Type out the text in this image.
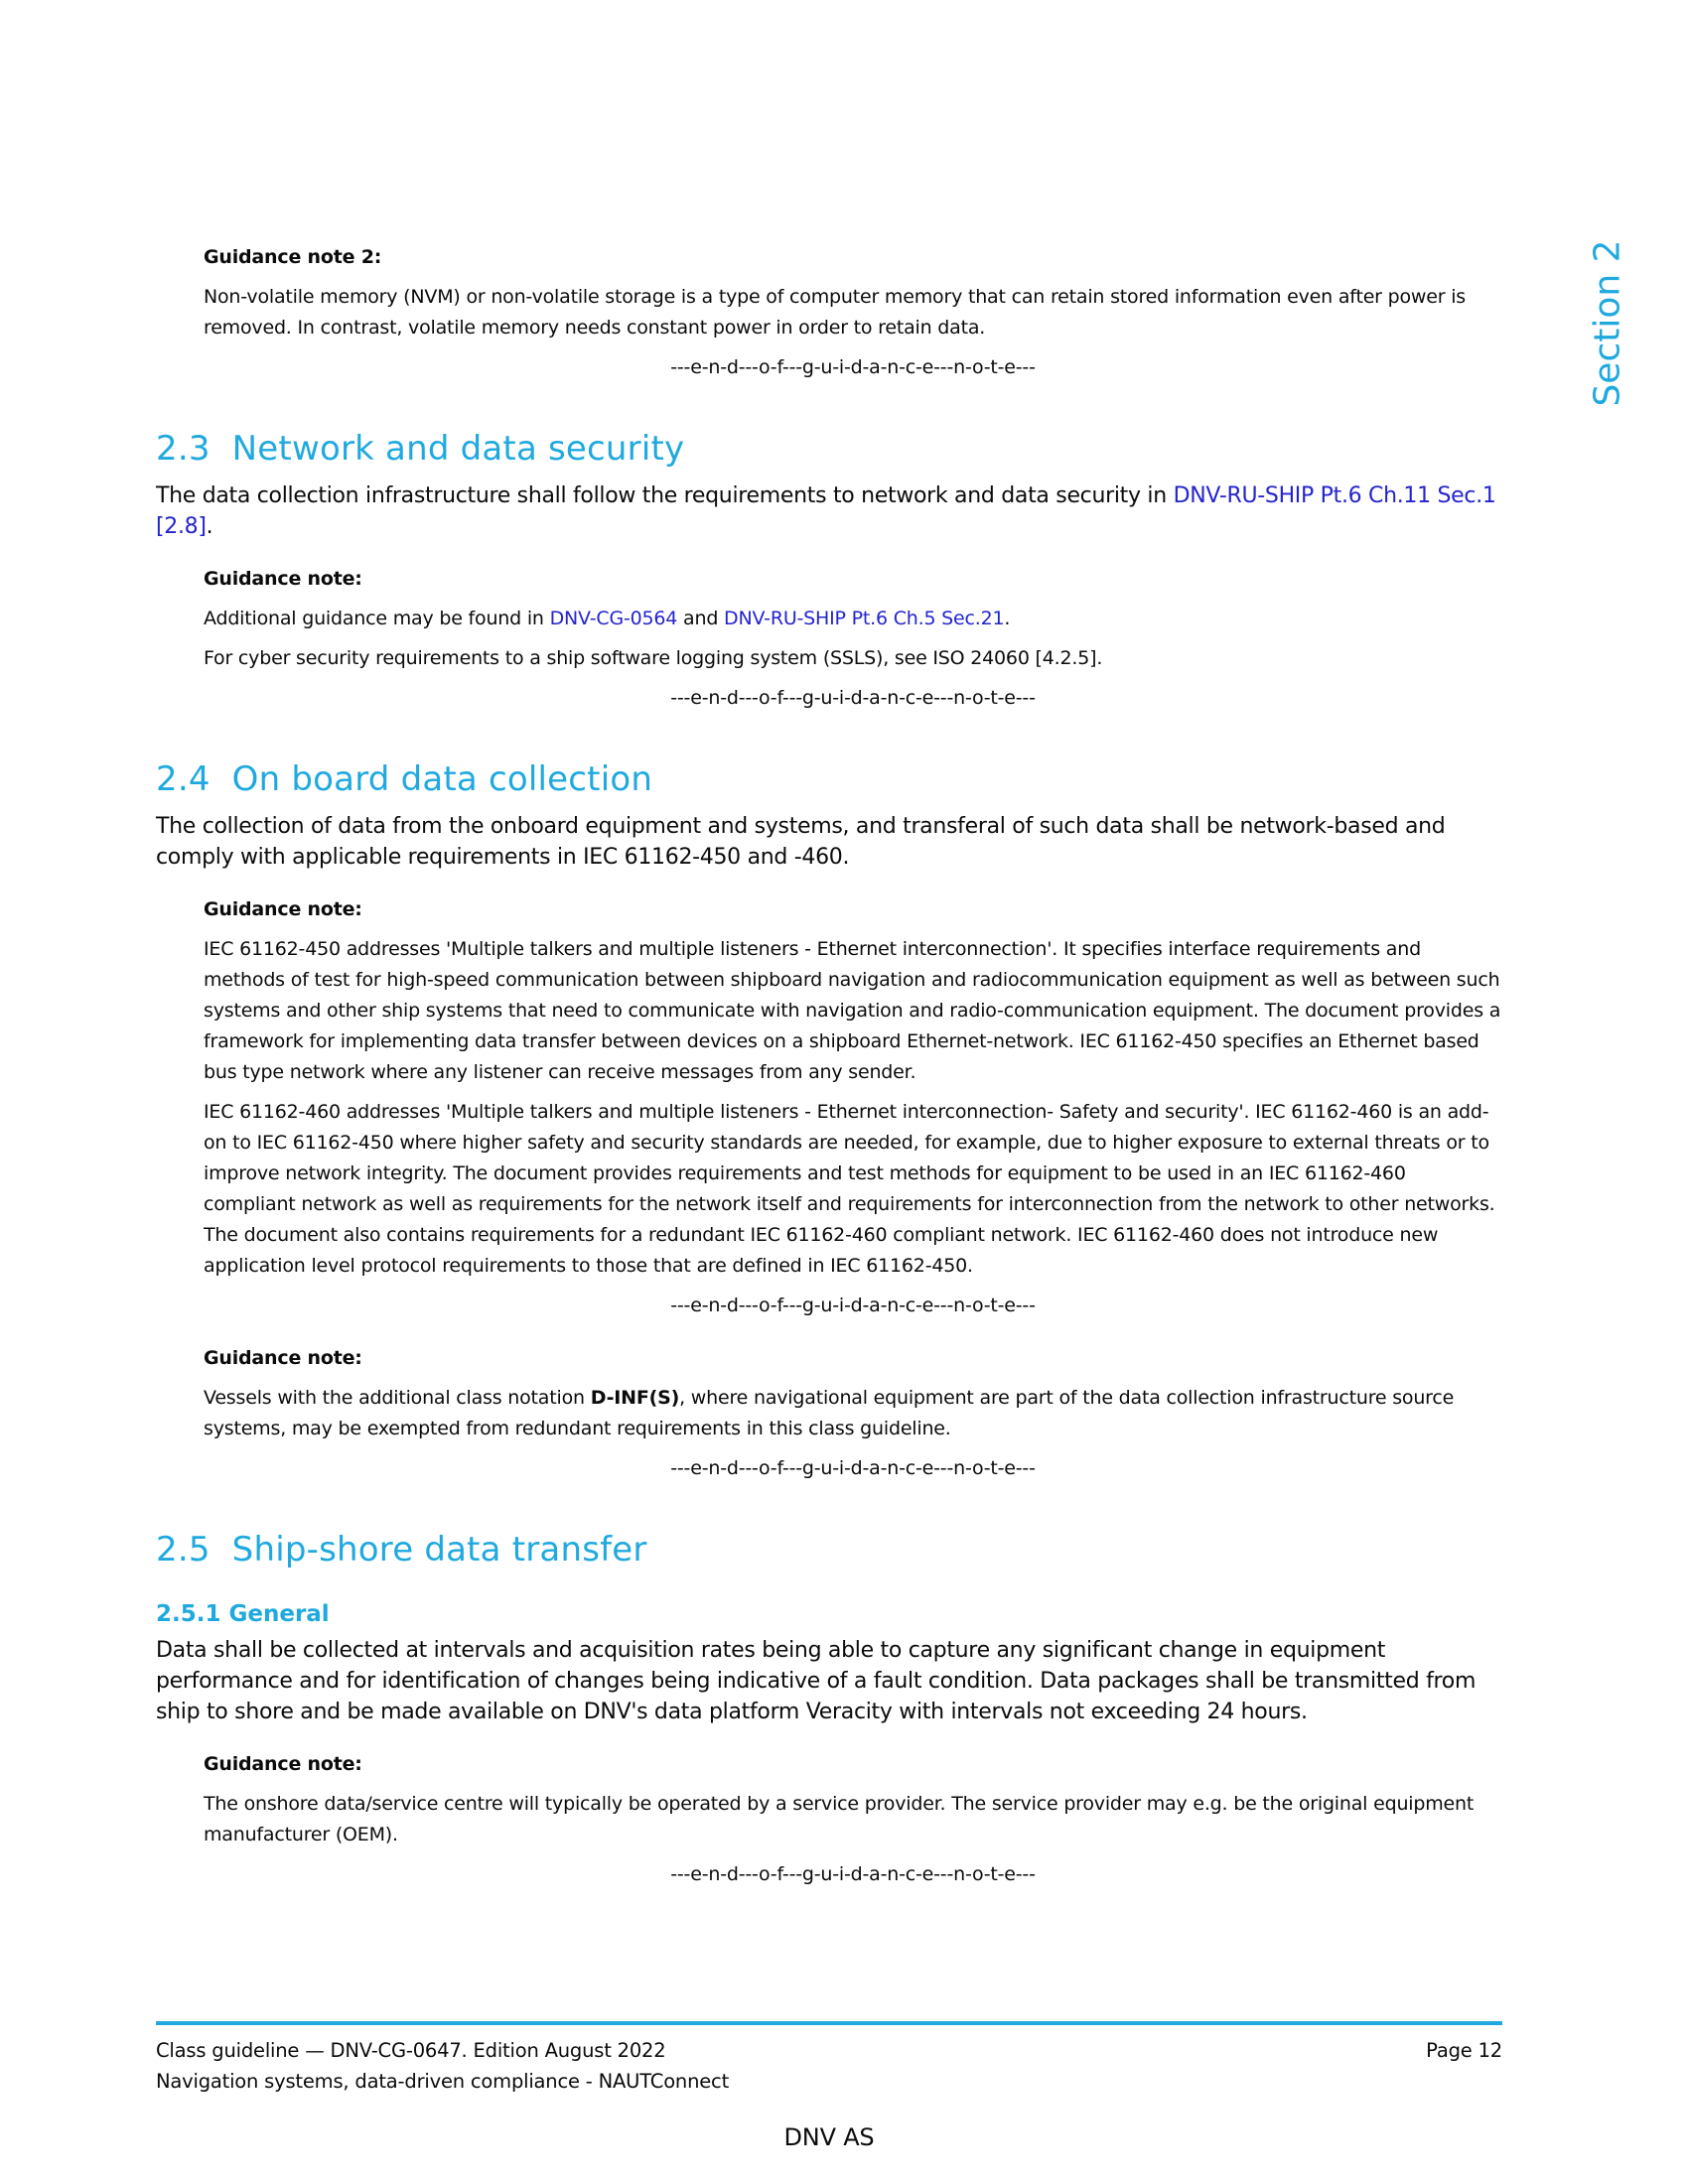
Section 2

Guidance note 2:

Non-volatile memory (NVM) or non-volatile storage is a type of computer memory that can retain stored information even after power is removed. In contrast, volatile memory needs constant power in order to retain data.

---e-n-d---o-f---g-u-i-d-a-n-c-e---n-o-t-e---

2.3 Network and data security

The data collection infrastructure shall follow the requirements to network and data security in DNV-RU-SHIP Pt.6 Ch.11 Sec.1 [2.8].

Guidance note:

Additional guidance may be found in DNV-CG-0564 and DNV-RU-SHIP Pt.6 Ch.5 Sec.21.

For cyber security requirements to a ship software logging system (SSLS), see ISO 24060 [4.2.5].

---e-n-d---o-f---g-u-i-d-a-n-c-e---n-o-t-e---

2.4 On board data collection

The collection of data from the onboard equipment and systems, and transferal of such data shall be network-based and comply with applicable requirements in IEC 61162-450 and -460.

Guidance note:

IEC 61162-450 addresses 'Multiple talkers and multiple listeners - Ethernet interconnection'. It specifies interface requirements and methods of test for high-speed communication between shipboard navigation and radiocommunication equipment as well as between such systems and other ship systems that need to communicate with navigation and radio-communication equipment. The document provides a framework for implementing data transfer between devices on a shipboard Ethernet-network. IEC 61162-450 specifies an Ethernet based bus type network where any listener can receive messages from any sender.

IEC 61162-460 addresses 'Multiple talkers and multiple listeners - Ethernet interconnection- Safety and security'. IEC 61162-460 is an add-on to IEC 61162-450 where higher safety and security standards are needed, for example, due to higher exposure to external threats or to improve network integrity. The document provides requirements and test methods for equipment to be used in an IEC 61162-460 compliant network as well as requirements for the network itself and requirements for interconnection from the network to other networks. The document also contains requirements for a redundant IEC 61162-460 compliant network. IEC 61162-460 does not introduce new application level protocol requirements to those that are defined in IEC 61162-450.

---e-n-d---o-f---g-u-i-d-a-n-c-e---n-o-t-e---

Guidance note:

Vessels with the additional class notation D-INF(S), where navigational equipment are part of the data collection infrastructure source systems, may be exempted from redundant requirements in this class guideline.

---e-n-d---o-f---g-u-i-d-a-n-c-e---n-o-t-e---

2.5 Ship-shore data transfer
2.5.1 General

Data shall be collected at intervals and acquisition rates being able to capture any significant change in equipment performance and for identification of changes being indicative of a fault condition. Data packages shall be transmitted from ship to shore and be made available on DNV's data platform Veracity with intervals not exceeding 24 hours.

Guidance note:

The onshore data/service centre will typically be operated by a service provider. The service provider may e.g. be the original equipment manufacturer (OEM).

---e-n-d---o-f---g-u-i-d-a-n-c-e---n-o-t-e---

Class guideline — DNV-CG-0647. Edition August 2022	Page 12
Navigation systems, data-driven compliance - NAUTConnect
DNV AS
